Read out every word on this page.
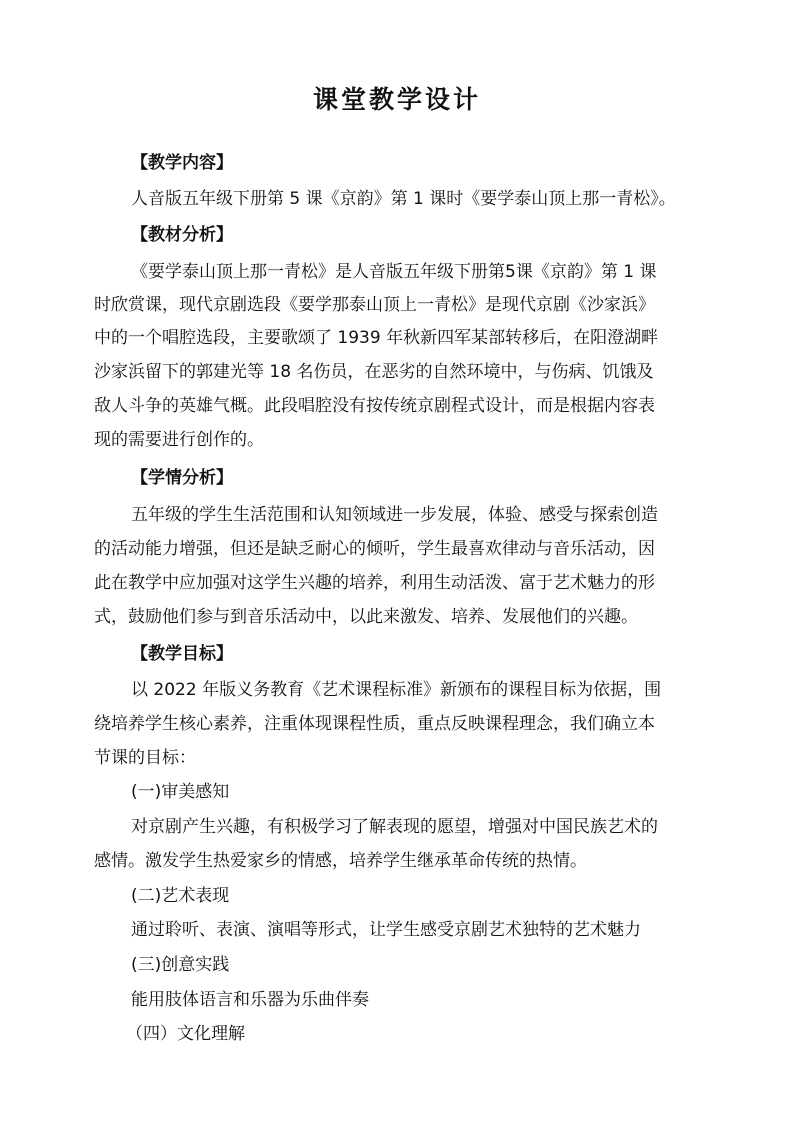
课堂教学设计
【教学内容】
人音版五年级下册第 5 课《京韵》第 1 课时《要学泰山顶上那一青松》。
【教材分析】
《要学泰山顶上那一青松》是人音版五年级下册第5课《京韵》第 1 课
时欣赏课，现代京剧选段《要学那泰山顶上一青松》是现代京剧《沙家浜》
中的一个唱腔选段，主要歌颂了 1939 年秋新四军某部转移后，在阳澄湖畔
沙家浜留下的郭建光等 18 名伤员，在恶劣的自然环境中，与伤病、饥饿及
敌人斗争的英雄气概。此段唱腔没有按传统京剧程式设计，而是根据内容表
现的需要进行创作的。
【学情分析】
五年级的学生生活范围和认知领域进一步发展，体验、感受与探索创造
的活动能力增强，但还是缺乏耐心的倾听，学生最喜欢律动与音乐活动，因
此在教学中应加强对这学生兴趣的培养，利用生动活泼、富于艺术魅力的形
式，鼓励他们参与到音乐活动中，以此来激发、培养、发展他们的兴趣。
【教学目标】
以 2022 年版义务教育《艺术课程标准》新颁布的课程目标为依据，围
绕培养学生核心素养，注重体现课程性质，重点反映课程理念，我们确立本
节课的目标：
(一)审美感知
对京剧产生兴趣，有积极学习了解表现的愿望，增强对中国民族艺术的
感情。激发学生热爱家乡的情感，培养学生继承革命传统的热情。
(二)艺术表现
通过聆听、表演、演唱等形式，让学生感受京剧艺术独特的艺术魅力
(三)创意实践
能用肢体语言和乐器为乐曲伴奏
（四）文化理解
